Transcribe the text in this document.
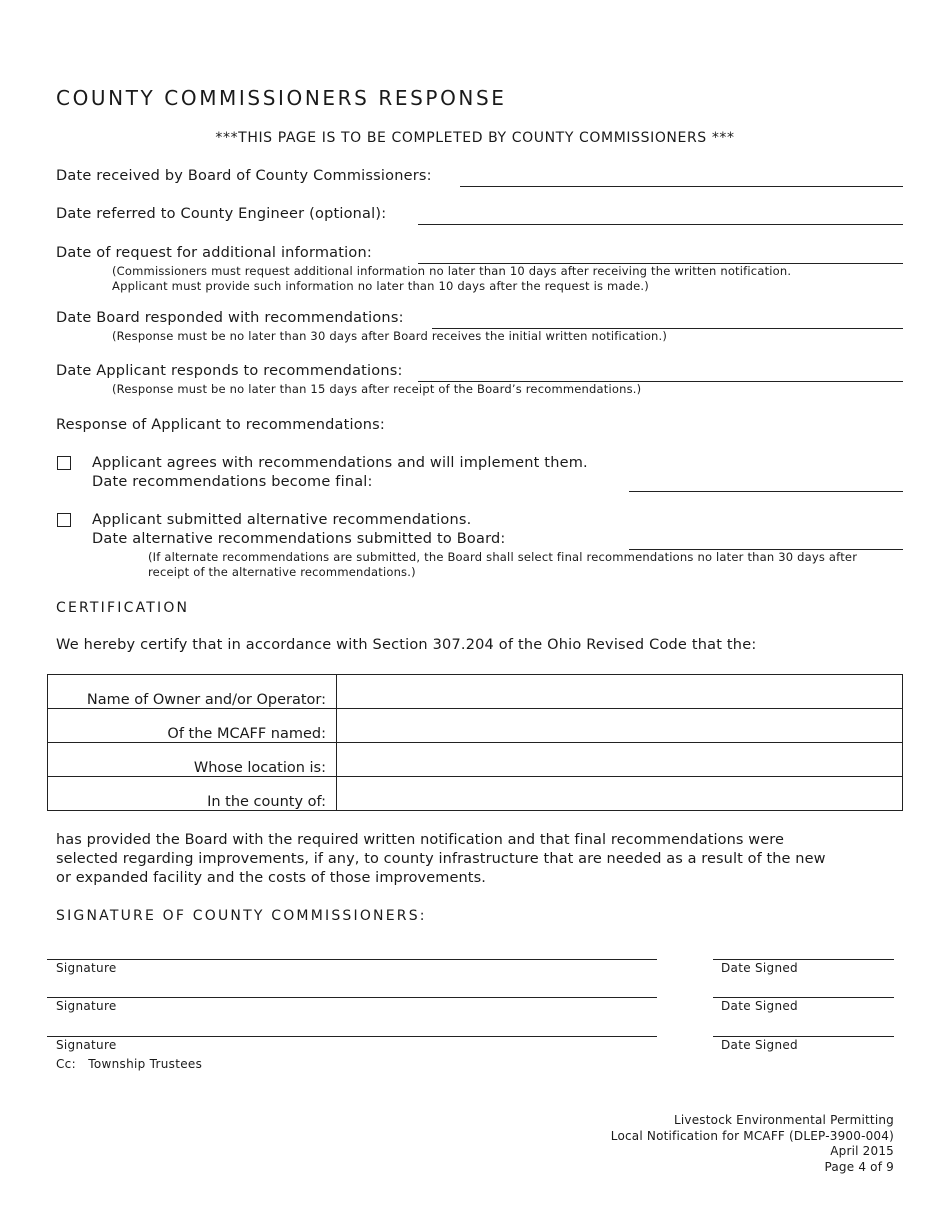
COUNTY COMMISSIONERS RESPONSE
***THIS PAGE IS TO BE COMPLETED BY COUNTY COMMISSIONERS ***
Date received by Board of County Commissioners:
Date referred to County Engineer (optional):
Date of request for additional information:
(Commissioners must request additional information no later than 10 days after receiving the written notification.
Applicant must provide such information no later than 10 days after the request is made.)
Date Board responded with recommendations:
(Response must be no later than 30 days after Board receives the initial written notification.)
Date Applicant responds to recommendations:
(Response must be no later than 15 days after receipt of the Board’s recommendations.)
Response of Applicant to recommendations:
Applicant agrees with recommendations and will implement them.
Date recommendations become final:
Applicant submitted alternative recommendations.
Date alternative recommendations submitted to Board:
(If alternate recommendations are submitted, the Board shall select final recommendations no later than 30 days after
receipt of the alternative recommendations.)
CERTIFICATION
We hereby certify that in accordance with Section 307.204 of the Ohio Revised Code that the:
Name of Owner and/or Operator:	
Of the MCAFF named:	
Whose location is:	
In the county of:	
has provided the Board with the required written notification and that final recommendations were
selected regarding improvements, if any, to county infrastructure that are needed as a result of the new
or expanded facility and the costs of those improvements.
SIGNATURE OF COUNTY COMMISSIONERS:
Signature	Date Signed
Signature	Date Signed
Signature	Date Signed
Cc:   Township Trustees
Livestock Environmental Permitting
Local Notification for MCAFF (DLEP-3900-004)
April 2015
Page 4 of 9
